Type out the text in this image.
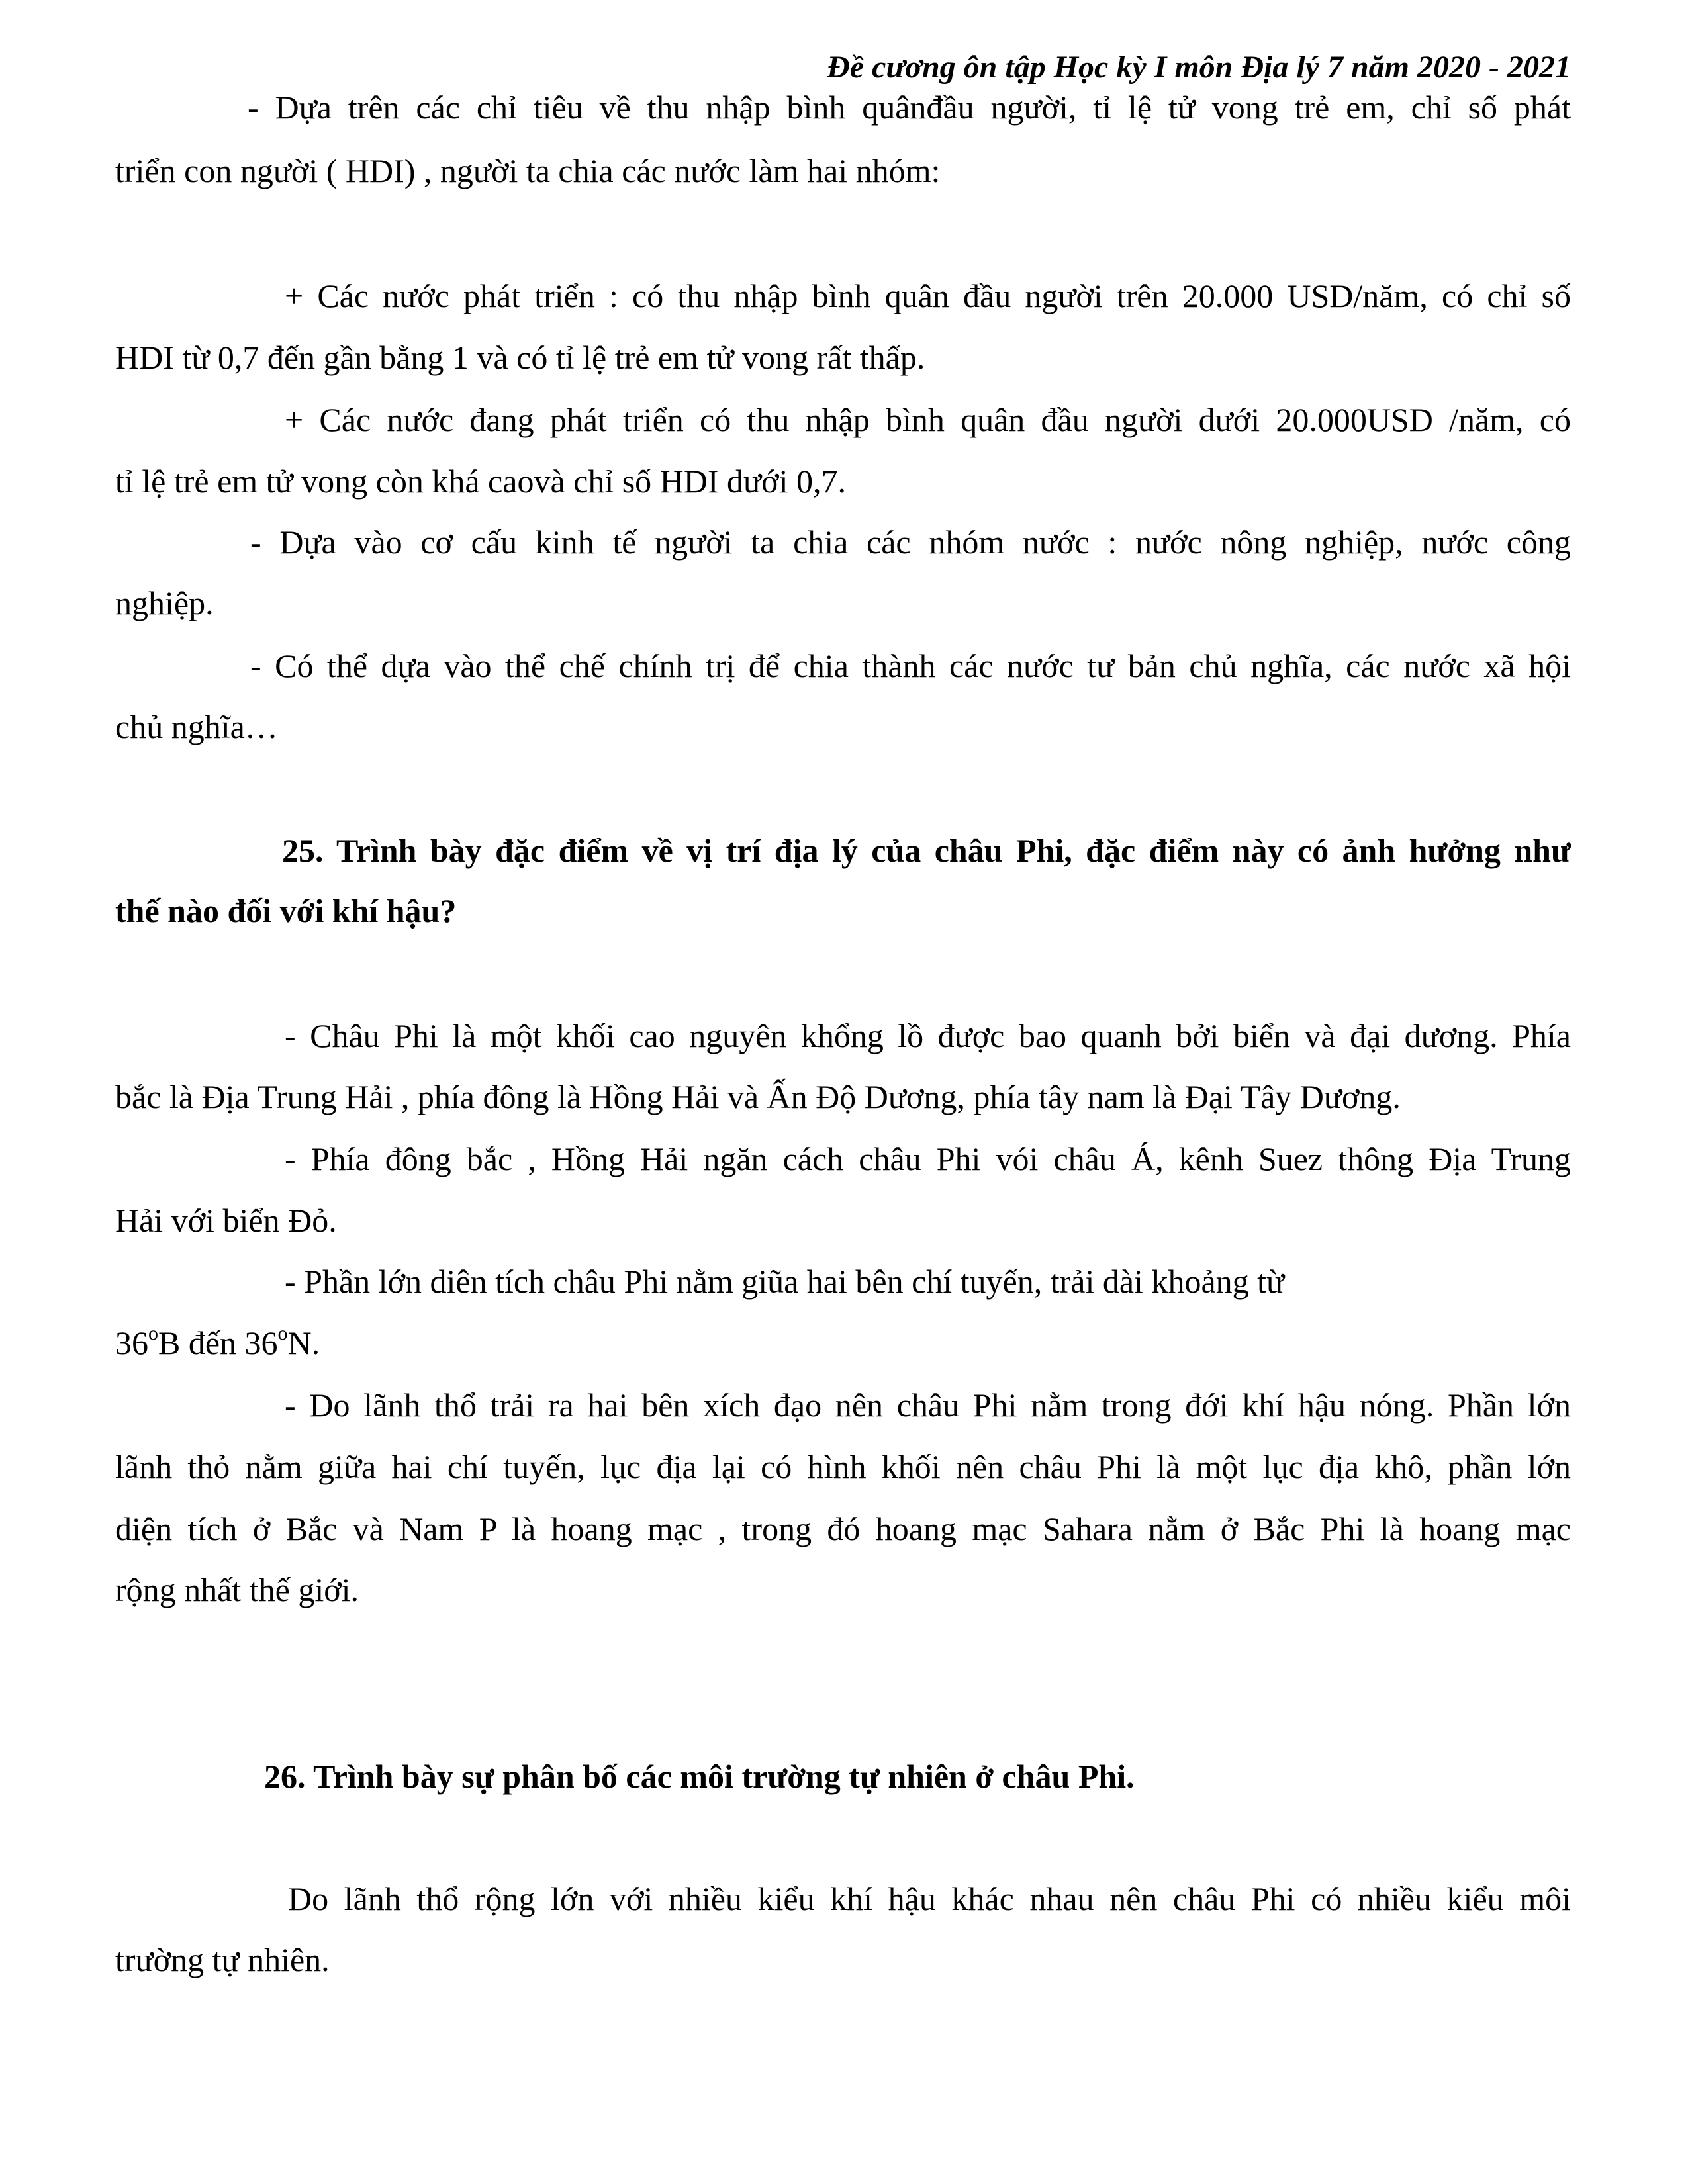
Đề cương ôn tập Học kỳ I môn Địa lý 7 năm 2020 - 2021
- Dựa trên các chỉ tiêu về thu nhập bình quânđầu người, tỉ lệ tử vong trẻ em, chỉ số phát
triển con người ( HDI) , người ta chia các nước làm hai nhóm:
+ Các nước phát triển : có thu nhập bình quân đầu người trên 20.000 USD/năm, có chỉ số
HDI từ 0,7 đến gần bằng 1 và có tỉ lệ trẻ em tử vong rất thấp.
+ Các nước đang phát triển có thu nhập bình quân đầu người dưới 20.000USD /năm, có
tỉ lệ trẻ em tử vong còn khá caovà chỉ số HDI dưới 0,7.
- Dựa vào cơ cấu kinh tế người ta chia các nhóm nước : nước nông nghiệp, nước công
nghiệp.
- Có thể dựa vào thể chế chính trị để chia thành các nước tư bản chủ nghĩa, các nước xã hội
chủ nghĩa…
25. Trình bày đặc điểm về vị trí địa lý của châu Phi, đặc điểm này có ảnh hưởng như
thế nào đối với khí hậu?
- Châu Phi là một khối cao nguyên khổng lồ được bao quanh bởi biển và đại dương. Phía
bắc là Địa Trung Hải , phía đông là Hồng Hải và Ấn Độ Dương, phía tây nam là Đại Tây Dương.
- Phía đông bắc , Hồng Hải ngăn cách châu Phi vói châu Á, kênh Suez thông Địa Trung
Hải với biển Đỏ.
- Phần lớn diên tích châu Phi nằm giũa hai bên chí tuyến, trải dài khoảng từ
36$^o$B đến 36$^o$N.
- Do lãnh thổ trải ra hai bên xích đạo nên châu Phi nằm trong đới khí hậu nóng. Phần lớn
lãnh thỏ nằm giữa hai chí tuyến, lục địa lại có hình khối nên châu Phi là một lục địa khô, phần lớn
diện tích ở Bắc và Nam P là hoang mạc , trong đó hoang mạc Sahara nằm ở Bắc Phi là hoang mạc
rộng nhất thế giới.
26. Trình bày sự phân bố các môi trường tự nhiên ở châu Phi.
Do lãnh thổ rộng lớn với nhiều kiểu khí hậu khác nhau nên châu Phi có nhiều kiểu môi
trường tự nhiên.
